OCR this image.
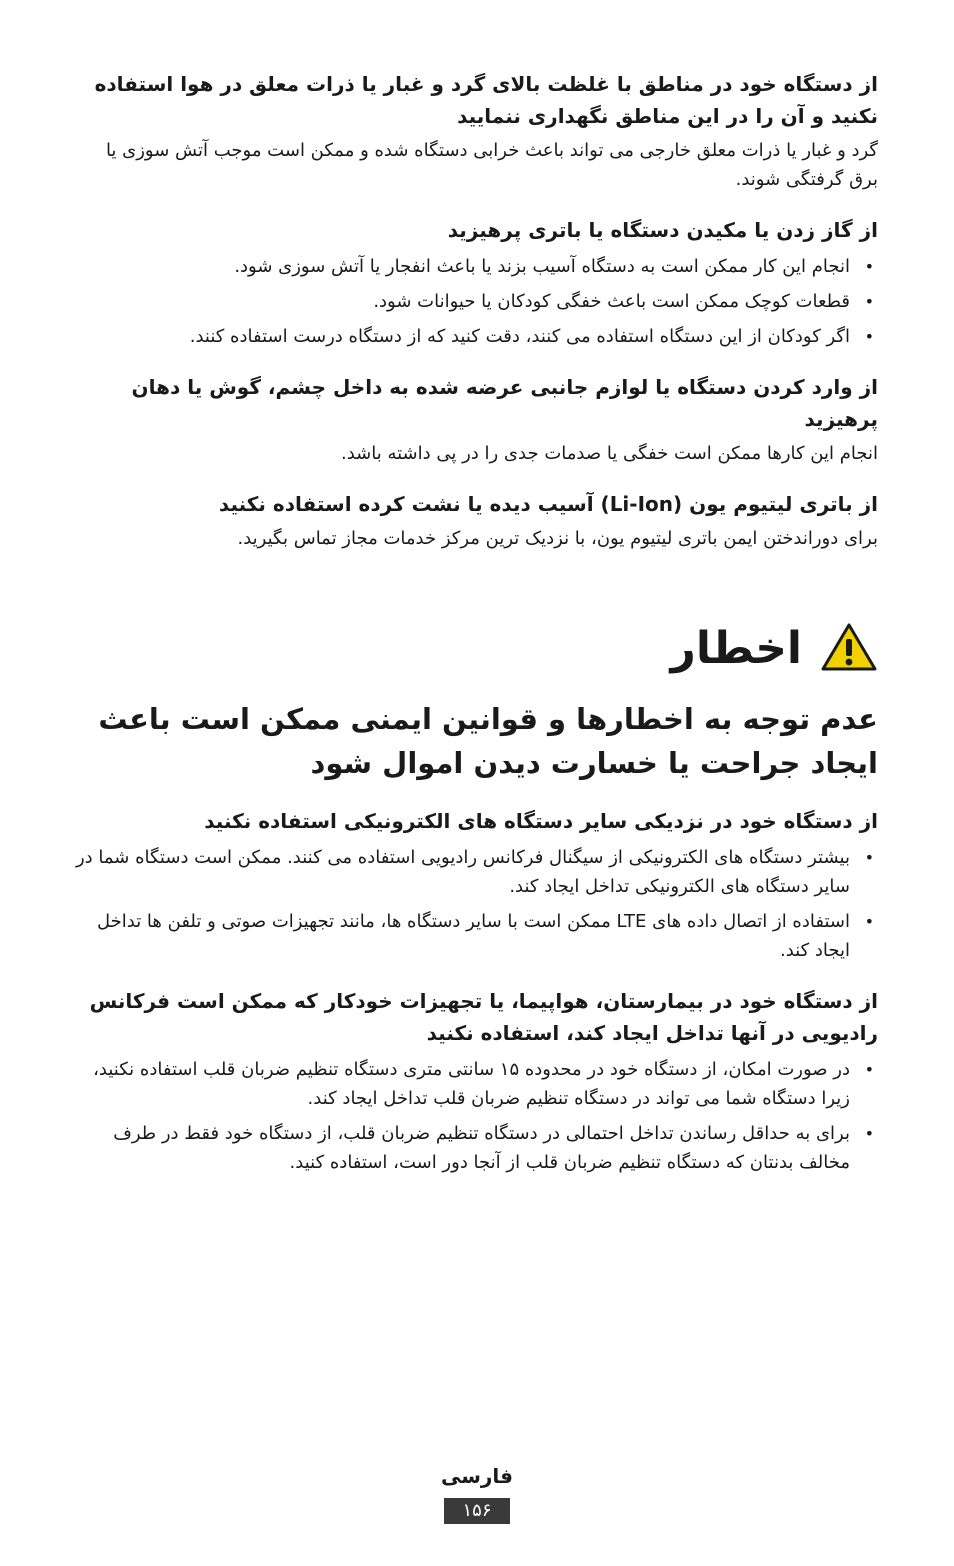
از دستگاه خود در مناطق با غلظت بالای گرد و غبار یا ذرات معلق در هوا استفاده نکنید و آن را در این مناطق نگهداری ننمایید

گرد و غبار یا ذرات معلق خارجی می تواند باعث خرابی دستگاه شده و ممکن است موجب آتش سوزی یا برق گرفتگی شوند.

از گاز زدن یا مکیدن دستگاه یا باتری پرهیزید

•
انجام این کار ممکن است به دستگاه آسیب بزند یا باعث انفجار یا آتش سوزی شود.
•
قطعات کوچک ممکن است باعث خفگی کودکان یا حیوانات شود.
•
اگر کودکان از این دستگاه استفاده می کنند، دقت کنید که از دستگاه درست استفاده کنند.

از وارد کردن دستگاه یا لوازم جانبی عرضه شده به داخل چشم، گوش یا دهان پرهیزید

انجام این کارها ممکن است خفگی یا صدمات جدی را در پی داشته باشد.

از باتری لیتیوم یون (Li-Ion) آسیب دیده یا نشت کرده استفاده نکنید

برای دوراندختن ایمن باتری لیتیوم یون، با نزدیک ترین مرکز خدمات مجاز تماس بگیرید.

اخطار

عدم توجه به اخطارها و قوانین ایمنی ممکن است باعث ایجاد جراحت یا خسارت دیدن اموال شود

از دستگاه خود در نزدیکی سایر دستگاه های الکترونیکی استفاده نکنید

•
بیشتر دستگاه های الکترونیکی از سیگنال فرکانس رادیویی استفاده می کنند. ممکن است دستگاه شما در سایر دستگاه های الکترونیکی تداخل ایجاد کند.
•
استفاده از اتصال داده های LTE ممکن است با سایر دستگاه ها، مانند تجهیزات صوتی و تلفن ها تداخل ایجاد کند.

از دستگاه خود در بیمارستان، هواپیما، یا تجهیزات خودکار که ممکن است فرکانس رادیویی در آنها تداخل ایجاد کند، استفاده نکنید

•
در صورت امکان، از دستگاه خود در محدوده ۱۵ سانتی متری دستگاه تنظیم ضربان قلب استفاده نکنید، زیرا دستگاه شما می تواند در دستگاه تنظیم ضربان قلب تداخل ایجاد کند.
•
برای به حداقل رساندن تداخل احتمالی در دستگاه تنظیم ضربان قلب، از دستگاه خود فقط در طرف مخالف بدنتان که دستگاه تنظیم ضربان قلب از آنجا دور است، استفاده کنید.
فارسی
۱۵۶
